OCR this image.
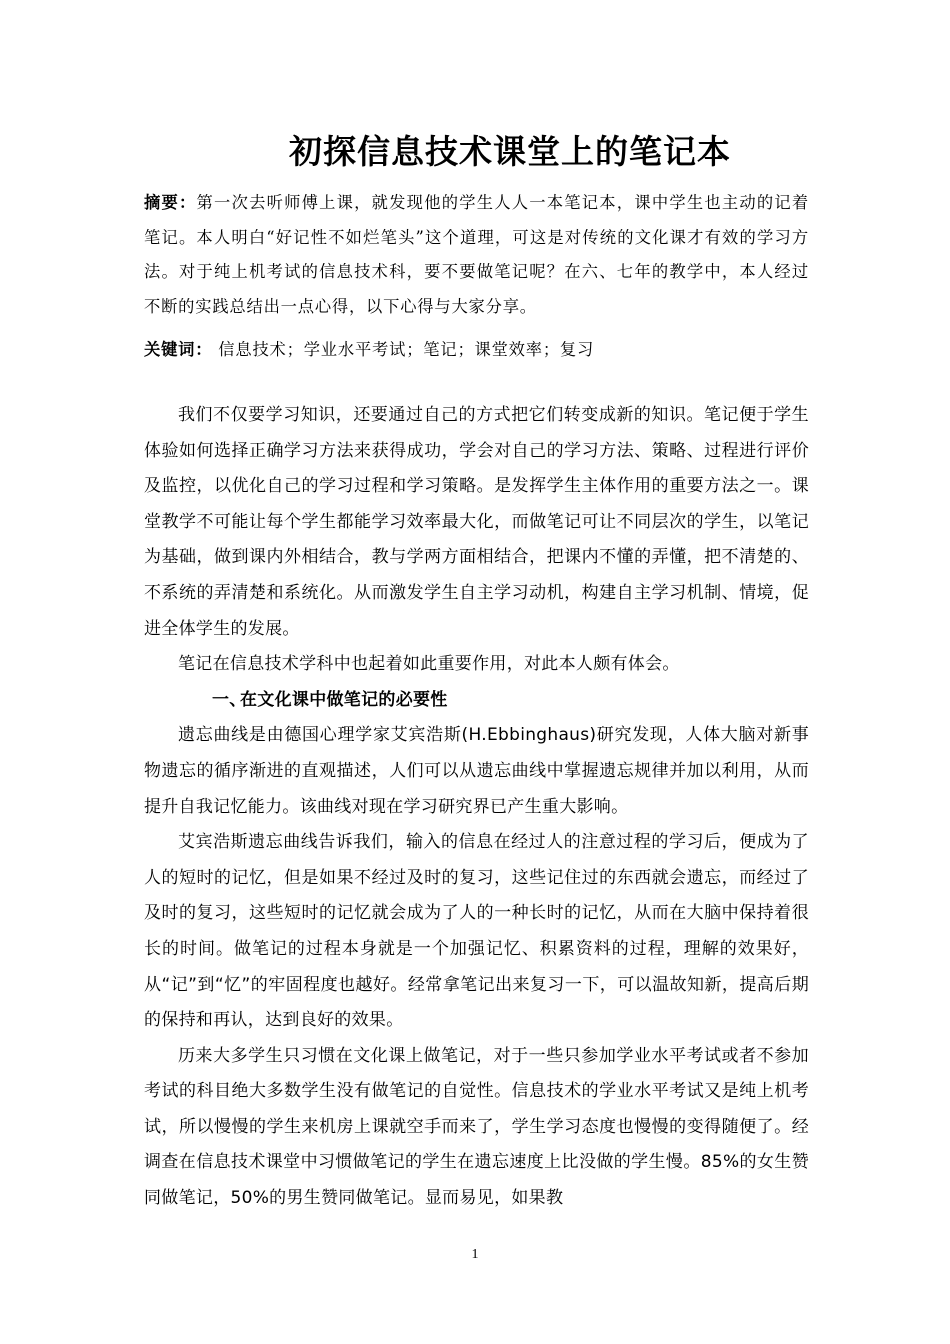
初探信息技术课堂上的笔记本
摘要：第一次去听师傅上课，就发现他的学生人人一本笔记本，课中学生也主动的记着笔记。本人明白“好记性不如烂笔头”这个道理，可这是对传统的文化课才有效的学习方法。对于纯上机考试的信息技术科，要不要做笔记呢？在六、七年的教学中，本人经过不断的实践总结出一点心得，以下心得与大家分享。
关键词： 信息技术；学业水平考试；笔记；课堂效率；复习

我们不仅要学习知识，还要通过自己的方式把它们转变成新的知识。笔记便于学生体验如何选择正确学习方法来获得成功，学会对自己的学习方法、策略、过程进行评价及监控，以优化自己的学习过程和学习策略。是发挥学生主体作用的重要方法之一。课堂教学不可能让每个学生都能学习效率最大化，而做笔记可让不同层次的学生，以笔记为基础，做到课内外相结合，教与学两方面相结合，把课内不懂的弄懂，把不清楚的、不系统的弄清楚和系统化。从而激发学生自主学习动机，构建自主学习机制、情境，促进全体学生的发展。

笔记在信息技术学科中也起着如此重要作用，对此本人颇有体会。

一、在文化课中做笔记的必要性

遗忘曲线是由德国心理学家艾宾浩斯(H.Ebbinghaus)研究发现，人体大脑对新事物遗忘的循序渐进的直观描述，人们可以从遗忘曲线中掌握遗忘规律并加以利用，从而提升自我记忆能力。该曲线对现在学习研究界已产生重大影响。

艾宾浩斯遗忘曲线告诉我们，输入的信息在经过人的注意过程的学习后，便成为了人的短时的记忆，但是如果不经过及时的复习，这些记住过的东西就会遗忘，而经过了及时的复习，这些短时的记忆就会成为了人的一种长时的记忆，从而在大脑中保持着很长的时间。做笔记的过程本身就是一个加强记忆、积累资料的过程，理解的效果好，从“记”到“忆”的牢固程度也越好。经常拿笔记出来复习一下，可以温故知新，提高后期的保持和再认，达到良好的效果。

历来大多学生只习惯在文化课上做笔记，对于一些只参加学业水平考试或者不参加考试的科目绝大多数学生没有做笔记的自觉性。信息技术的学业水平考试又是纯上机考试，所以慢慢的学生来机房上课就空手而来了，学生学习态度也慢慢的变得随便了。经调查在信息技术课堂中习惯做笔记的学生在遗忘速度上比没做的学生慢。85%的女生赞同做笔记，50%的男生赞同做笔记。显而易见，如果教

1
